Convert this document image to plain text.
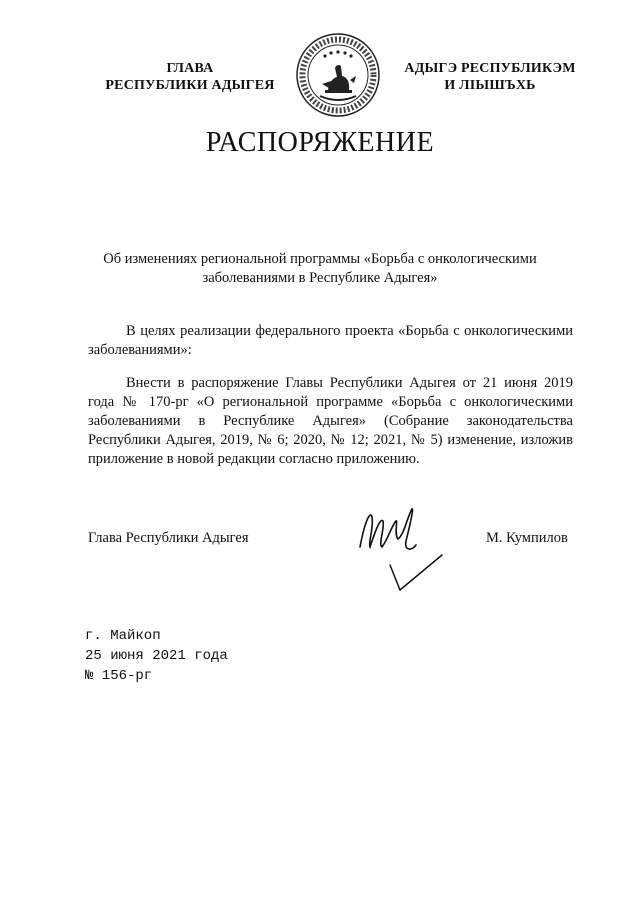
ГЛАВА
РЕСПУБЛИКИ АДЫГЕЯ
АДЫГЭ РЕСПУБЛИКЭМ
И ЛІЫШЪХЬ
РАСПОРЯЖЕНИЕ
Об изменениях региональной программы «Борьба с онкологическими
заболеваниями в Республике Адыгея»
В целях реализации федерального проекта «Борьба с онкологическими заболеваниями»:
Внести в распоряжение Главы Республики Адыгея от 21 июня 2019 года № 170-рг «О региональной программе «Борьба с онкологическими заболеваниями в Республике Адыгея» (Собрание законодательства Республики Адыгея, 2019, № 6; 2020, № 12; 2021, № 5) изменение, изложив приложение в новой редакции согласно приложению.
Глава Республики Адыгея	М. Кумпилов
г. Майкоп
25 июня 2021 года
№ 156-рг
